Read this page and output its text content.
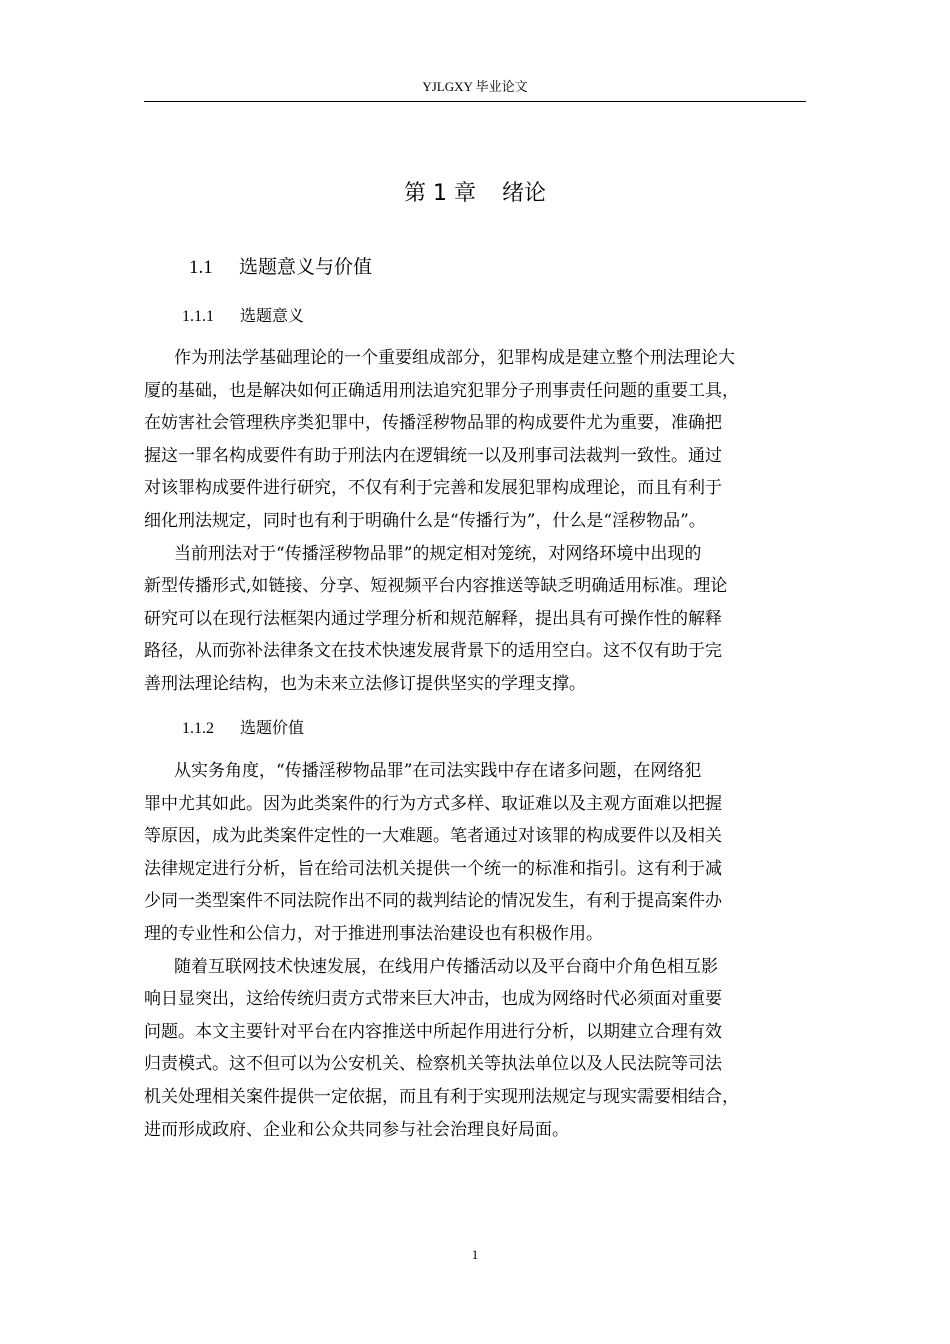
YJLGXY 毕业论文
第 1 章 绪论
1.1 选题意义与价值
1.1.1 选题意义
作为刑法学基础理论的一个重要组成部分，犯罪构成是建立整个刑法理论大
厦的基础，也是解决如何正确适用刑法追究犯罪分子刑事责任问题的重要工具，
在妨害社会管理秩序类犯罪中，传播淫秽物品罪的构成要件尤为重要，准确把
握这一罪名构成要件有助于刑法内在逻辑统一以及刑事司法裁判一致性。通过
对该罪构成要件进行研究，不仅有利于完善和发展犯罪构成理论，而且有利于
细化刑法规定，同时也有利于明确什么是“传播行为”，什么是“淫秽物品”。
当前刑法对于“传播淫秽物品罪”的规定相对笼统，对网络环境中出现的
新型传播形式,如链接、分享、短视频平台内容推送等缺乏明确适用标准。理论
研究可以在现行法框架内通过学理分析和规范解释，提出具有可操作性的解释
路径，从而弥补法律条文在技术快速发展背景下的适用空白。这不仅有助于完
善刑法理论结构，也为未来立法修订提供坚实的学理支撑。
1.1.2 选题价值
从实务角度，“传播淫秽物品罪”在司法实践中存在诸多问题，在网络犯
罪中尤其如此。因为此类案件的行为方式多样、取证难以及主观方面难以把握
等原因，成为此类案件定性的一大难题。笔者通过对该罪的构成要件以及相关
法律规定进行分析，旨在给司法机关提供一个统一的标准和指引。这有利于减
少同一类型案件不同法院作出不同的裁判结论的情况发生，有利于提高案件办
理的专业性和公信力，对于推进刑事法治建设也有积极作用。
随着互联网技术快速发展，在线用户传播活动以及平台商中介角色相互影
响日显突出，这给传统归责方式带来巨大冲击，也成为网络时代必须面对重要
问题。本文主要针对平台在内容推送中所起作用进行分析，以期建立合理有效
归责模式。这不但可以为公安机关、检察机关等执法单位以及人民法院等司法
机关处理相关案件提供一定依据，而且有利于实现刑法规定与现实需要相结合，
进而形成政府、企业和公众共同参与社会治理良好局面。
1
